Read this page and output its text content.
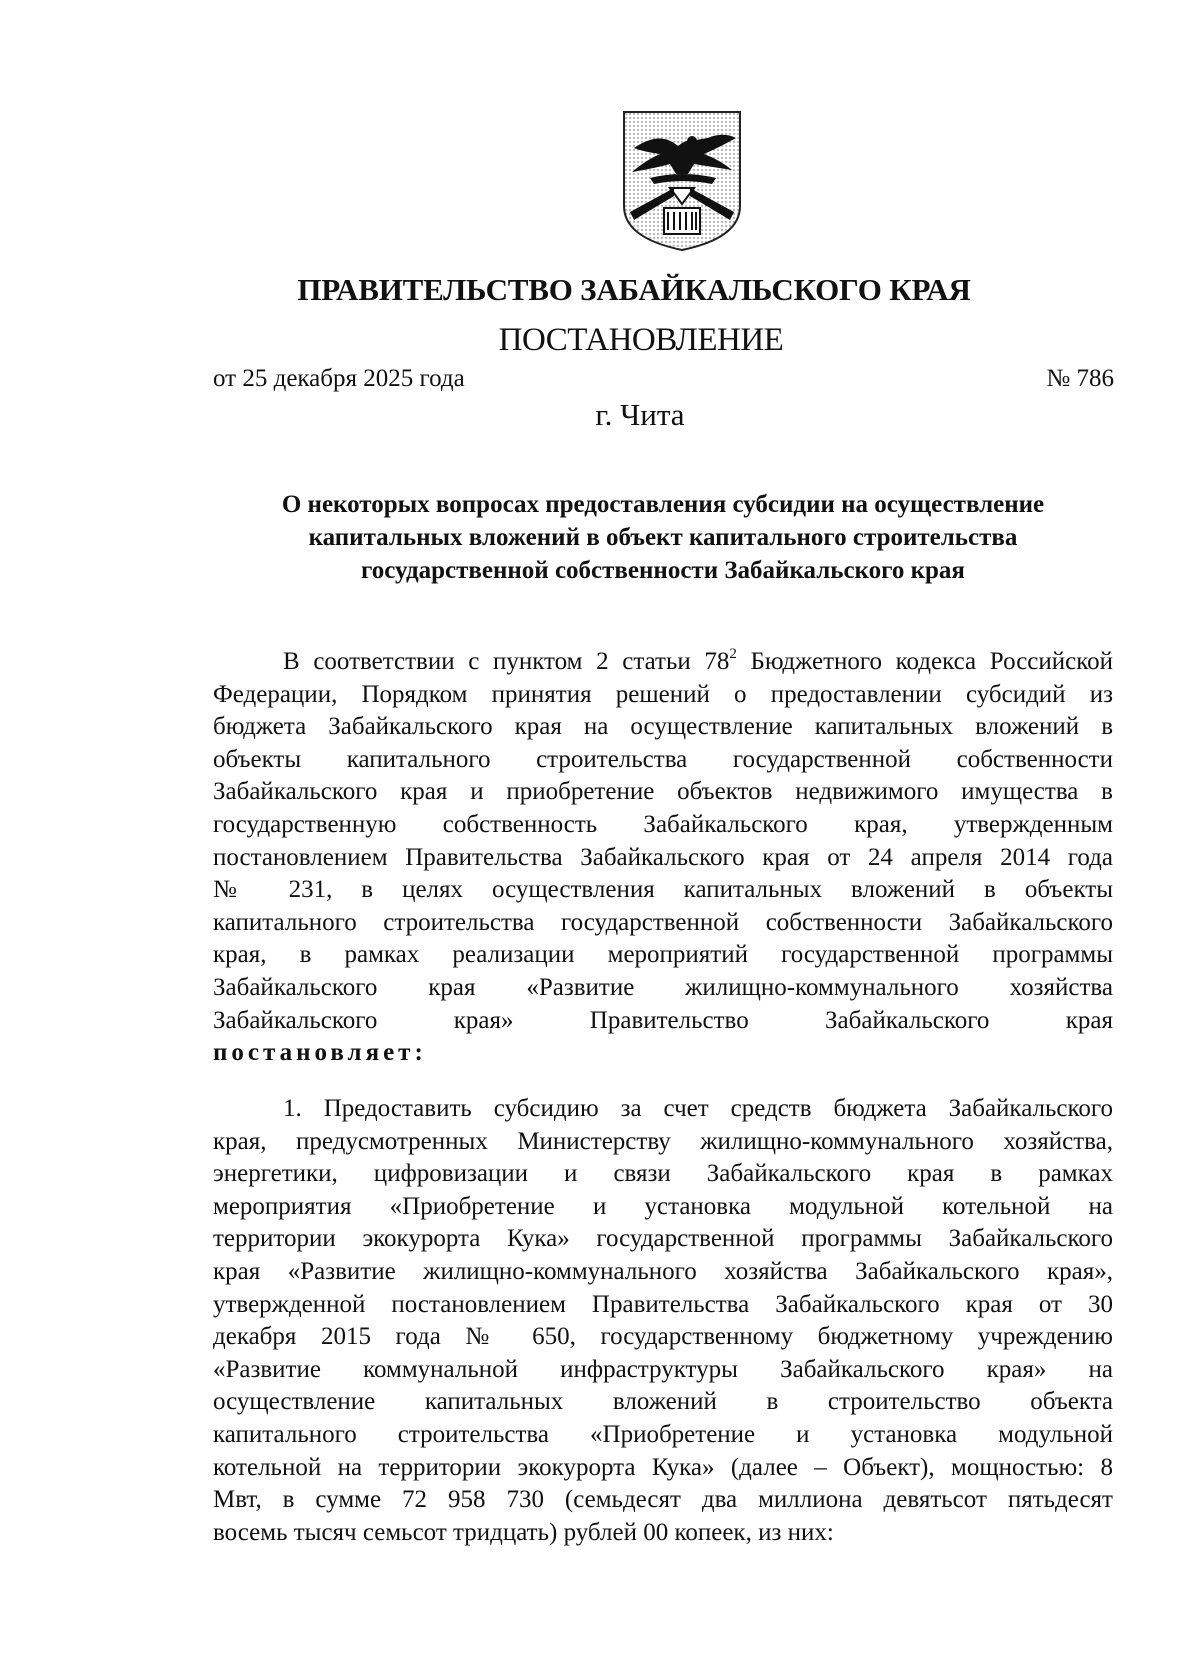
ПРАВИТЕЛЬСТВО ЗАБАЙКАЛЬСКОГО КРАЯ
ПОСТАНОВЛЕНИЕ
от 25 декабря 2025 года	№ 786
г. Чита
О некоторых вопросах предоставления субсидии на осуществление
капитальных вложений в объект капитального строительства
государственной собственности Забайкальского края
В соответствии с пунктом 2 статьи $78^2$ Бюджетного кодекса Российской
Федерации, Порядком принятия решений о предоставлении субсидий из
бюджета Забайкальского края на осуществление капитальных вложений в
объекты капитального строительства государственной собственности
Забайкальского края и приобретение объектов недвижимого имущества в
государственную собственность Забайкальского края, утвержденным
постановлением Правительства Забайкальского края от 24 апреля 2014 года
№ 231, в целях осуществления капитальных вложений в объекты
капитального строительства государственной собственности Забайкальского
края, в рамках реализации мероприятий государственной программы
Забайкальского края «Развитие жилищно-коммунального хозяйства
Забайкальского края» Правительство Забайкальского края
постановляет:
1. Предоставить субсидию за счет средств бюджета Забайкальского
края, предусмотренных Министерству жилищно-коммунального хозяйства,
энергетики, цифровизации и связи Забайкальского края в рамках
мероприятия «Приобретение и установка модульной котельной на
территории экокурорта Кука» государственной программы Забайкальского
края «Развитие жилищно-коммунального хозяйства Забайкальского края»,
утвержденной постановлением Правительства Забайкальского края от 30
декабря 2015 года № 650, государственному бюджетному учреждению
«Развитие коммунальной инфраструктуры Забайкальского края» на
осуществление капитальных вложений в строительство объекта
капитального строительства «Приобретение и установка модульной
котельной на территории экокурорта Кука» (далее – Объект), мощностью: 8
Мвт, в сумме 72 958 730 (семьдесят два миллиона девятьсот пятьдесят
восемь тысяч семьсот тридцать) рублей 00 копеек, из них:
